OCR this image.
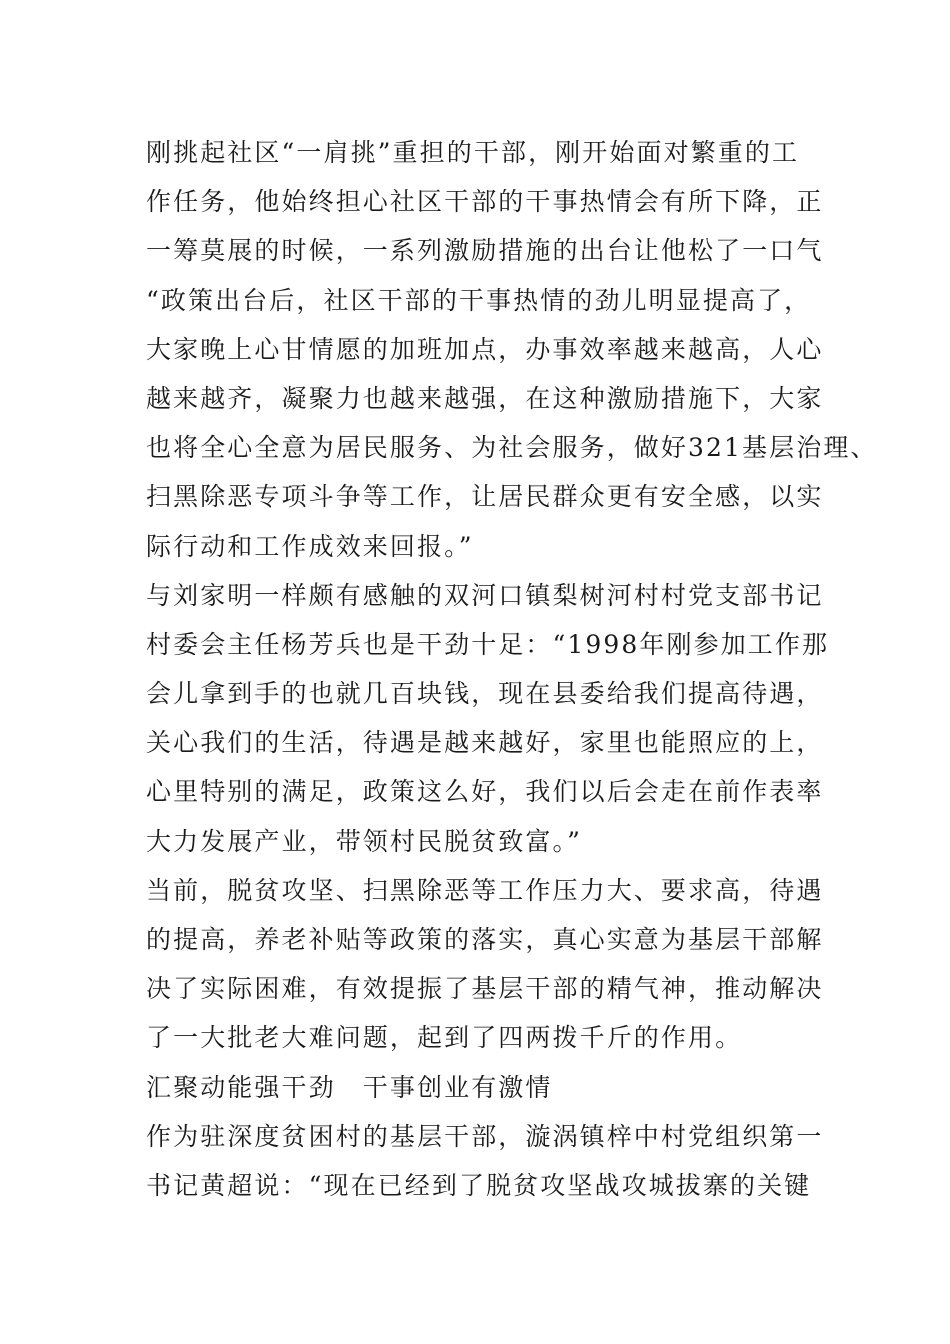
刚挑起社区“一肩挑”重担的干部，刚开始面对繁重的工
作任务，他始终担心社区干部的干事热情会有所下降，正
一筹莫展的时候，一系列激励措施的出台让他松了一口气
“政策出台后，社区干部的干事热情的劲儿明显提高了，
大家晚上心甘情愿的加班加点，办事效率越来越高，人心
越来越齐，凝聚力也越来越强，在这种激励措施下，大家
也将全心全意为居民服务、为社会服务，做好321基层治理、
扫黑除恶专项斗争等工作，让居民群众更有安全感，以实
际行动和工作成效来回报。”
与刘家明一样颇有感触的双河口镇梨树河村村党支部书记
村委会主任杨芳兵也是干劲十足：“1998年刚参加工作那
会儿拿到手的也就几百块钱，现在县委给我们提高待遇，
关心我们的生活，待遇是越来越好，家里也能照应的上，
心里特别的满足，政策这么好，我们以后会走在前作表率
大力发展产业，带领村民脱贫致富。”
当前，脱贫攻坚、扫黑除恶等工作压力大、要求高，待遇
的提高，养老补贴等政策的落实，真心实意为基层干部解
决了实际困难，有效提振了基层干部的精气神，推动解决
了一大批老大难问题，起到了四两拨千斤的作用。
汇聚动能强干劲　干事创业有激情
作为驻深度贫困村的基层干部，漩涡镇梓中村党组织第一
书记黄超说：“现在已经到了脱贫攻坚战攻城拔寨的关键
